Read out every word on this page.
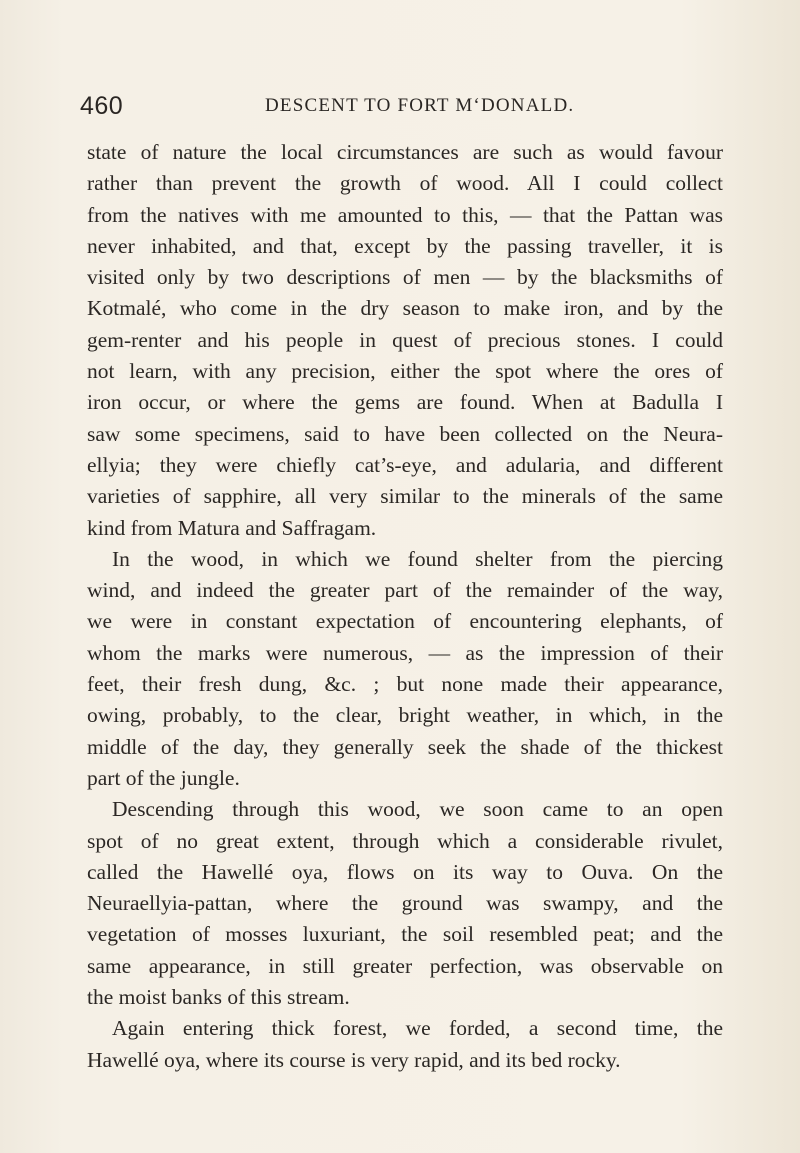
460	DESCENT TO FORT M‘DONALD.
state of nature the local circumstances are such as would favour
rather than prevent the growth of wood. All I could collect
from the natives with me amounted to this, — that the Pattan was
never inhabited, and that, except by the passing traveller, it is
visited only by two descriptions of men — by the blacksmiths of
Kotmalé, who come in the dry season to make iron, and by the
gem-renter and his people in quest of precious stones. I could
not learn, with any precision, either the spot where the ores of
iron occur, or where the gems are found. When at Badulla I
saw some specimens, said to have been collected on the Neura-
ellyia; they were chiefly cat’s-eye, and adularia, and different
varieties of sapphire, all very similar to the minerals of the same
kind from Matura and Saffragam.
In the wood, in which we found shelter from the piercing
wind, and indeed the greater part of the remainder of the way,
we were in constant expectation of encountering elephants, of
whom the marks were numerous, — as the impression of their
feet, their fresh dung, &c. ; but none made their appearance,
owing, probably, to the clear, bright weather, in which, in the
middle of the day, they generally seek the shade of the thickest
part of the jungle.
Descending through this wood, we soon came to an open
spot of no great extent, through which a considerable rivulet,
called the Hawellé oya, flows on its way to Ouva. On the
Neuraellyia-pattan, where the ground was swampy, and the
vegetation of mosses luxuriant, the soil resembled peat; and the
same appearance, in still greater perfection, was observable on
the moist banks of this stream.
Again entering thick forest, we forded, a second time, the
Hawellé oya, where its course is very rapid, and its bed rocky.
